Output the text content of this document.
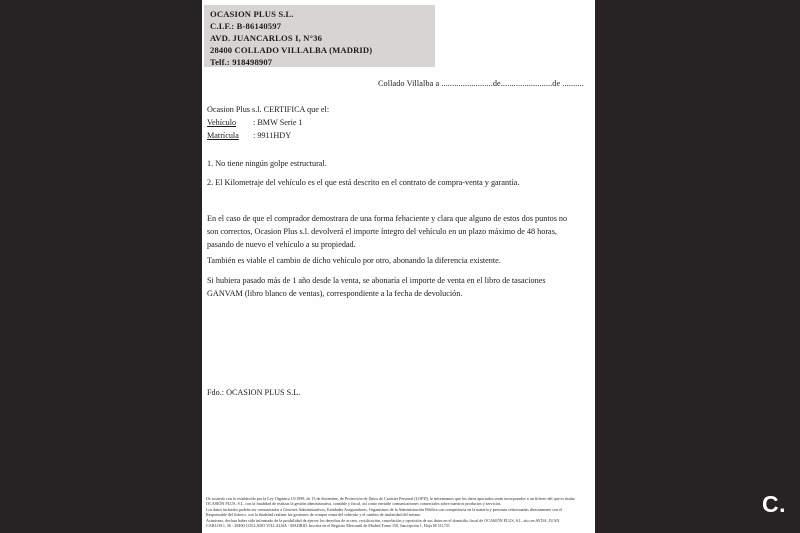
OCASION PLUS S.L.
C.I.F.: B-86140597
AVD. JUANCARLOS I, N°36
28400 COLLADO VILLALBA (MADRID)
Telf.: 918498907
Collado Villalba a ........................de........................de ..........
Ocasion Plus s.l. CERTIFICA que el:
Vehículo : BMW Serie 1
Matrícula : 9911HDY
1. No tiene ningún golpe estructural.
2. El Kilometraje del vehículo es el que está descrito en el contrato de compra-venta y garantía.
En el caso de que el comprador demostrara de una forma fehaciente y clara que alguno de estos dos puntos no
son correctos, Ocasion Plus s.l. devolverá el importe íntegro del vehículo en un plazo máximo de 48 horas,
pasando de nuevo el vehículo a su propiedad.
También es viable el cambio de dicho vehículo por otro, abonando la diferencia existente.
Si hubiera pasado más de 1 año desde la venta, se abonaría el importe de venta en el libro de tasaciones
GANVAM (libro blanco de ventas), correspondiente a la fecha de devolución.
Fdo.: OCASION PLUS S.L.
De acuerdo con lo establecido por la Ley Orgánica 15/1999, de 13 de diciembre, de Protección de Datos de Carácter Personal (LOPD), le informamos que los datos aportados serán incorporados a un fichero del que es titular
OCASIÓN PLUS, S.L. con la finalidad de realizar la gestión administrativa, contable y fiscal, así como enviarle comunicaciones comerciales sobre nuestros productos y servicios.
Los datos incluidos podrán ser comunicados a Gestores Administrativos, Entidades Aseguradoras, Organismos de la Administración Pública con competencia en la materia y personas relacionadas directamente con el
Responsable del fichero, con la finalidad realizar las gestiones de compra venta del vehículo y el cambio de titularidad del mismo.
Asimismo, declara haber sido informado de la posibilidad de ejercer los derechos de acceso, rectificación, cancelación y oposición de sus datos en el domicilio fiscal de OCASIÓN PLUS, S.L. sito en AVDA. JUAN
CARLOS I, 36 - 28400 COLLADO VILLALBA - MADRID. Inscrita en el Registro Mercantil de Madrid Tomo 150, Inscripción 1, Hoja M 511731
C.
